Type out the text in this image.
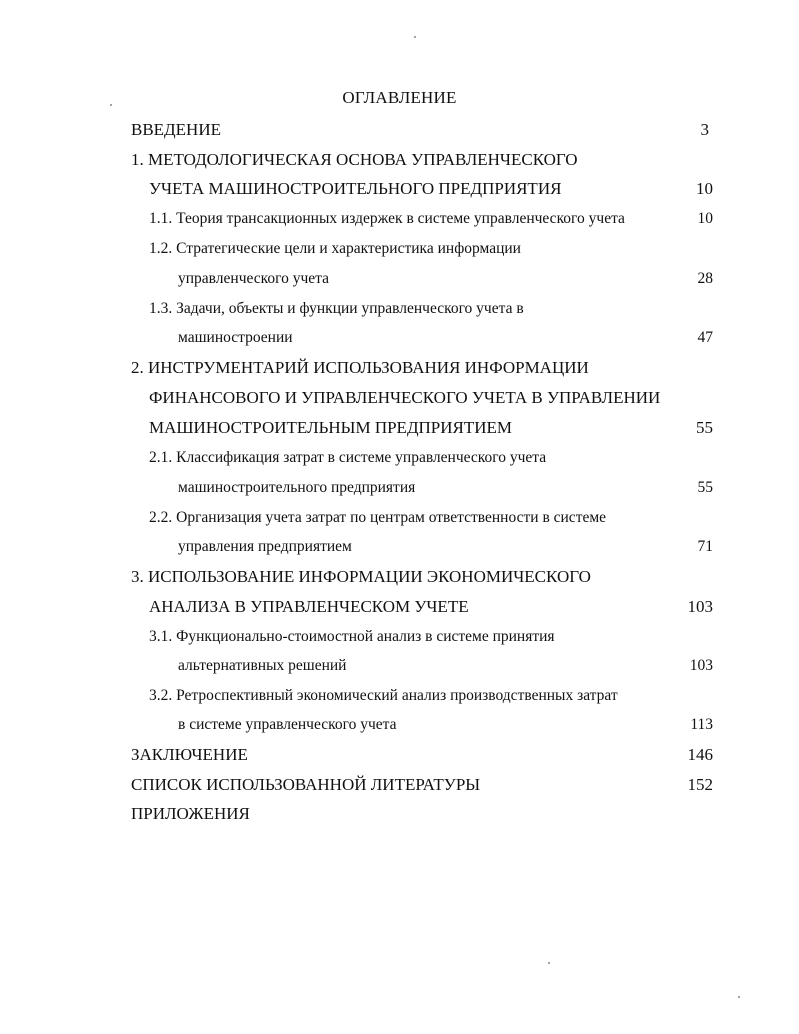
ОГЛАВЛЕНИЕ
ВВЕДЕНИЕ	3
1. МЕТОДОЛОГИЧЕСКАЯ ОСНОВА УПРАВЛЕНЧЕСКОГО
УЧЕТА МАШИНОСТРОИТЕЛЬНОГО ПРЕДПРИЯТИЯ	10
1.1. Теория трансакционных издержек в системе управленческого учета	10
1.2. Стратегические цели и характеристика информации
управленческого учета	28
1.3. Задачи, объекты и функции управленческого учета в
машиностроении	47
2. ИНСТРУМЕНТАРИЙ ИСПОЛЬЗОВАНИЯ ИНФОРМАЦИИ
ФИНАНСОВОГО И УПРАВЛЕНЧЕСКОГО УЧЕТА В УПРАВЛЕНИИ
МАШИНОСТРОИТЕЛЬНЫМ ПРЕДПРИЯТИЕМ	55
2.1. Классификация затрат в системе управленческого учета
машиностроительного предприятия	55
2.2. Организация учета затрат по центрам ответственности в системе
управления предприятием	71
3. ИСПОЛЬЗОВАНИЕ ИНФОРМАЦИИ ЭКОНОМИЧЕСКОГО
АНАЛИЗА В УПРАВЛЕНЧЕСКОМ УЧЕТЕ	103
3.1. Функционально-стоимостной анализ в системе принятия
альтернативных решений	103
3.2. Ретроспективный экономический анализ производственных затрат
в системе управленческого учета	113
ЗАКЛЮЧЕНИЕ	146
СПИСОК ИСПОЛЬЗОВАННОЙ ЛИТЕРАТУРЫ	152
ПРИЛОЖЕНИЯ
